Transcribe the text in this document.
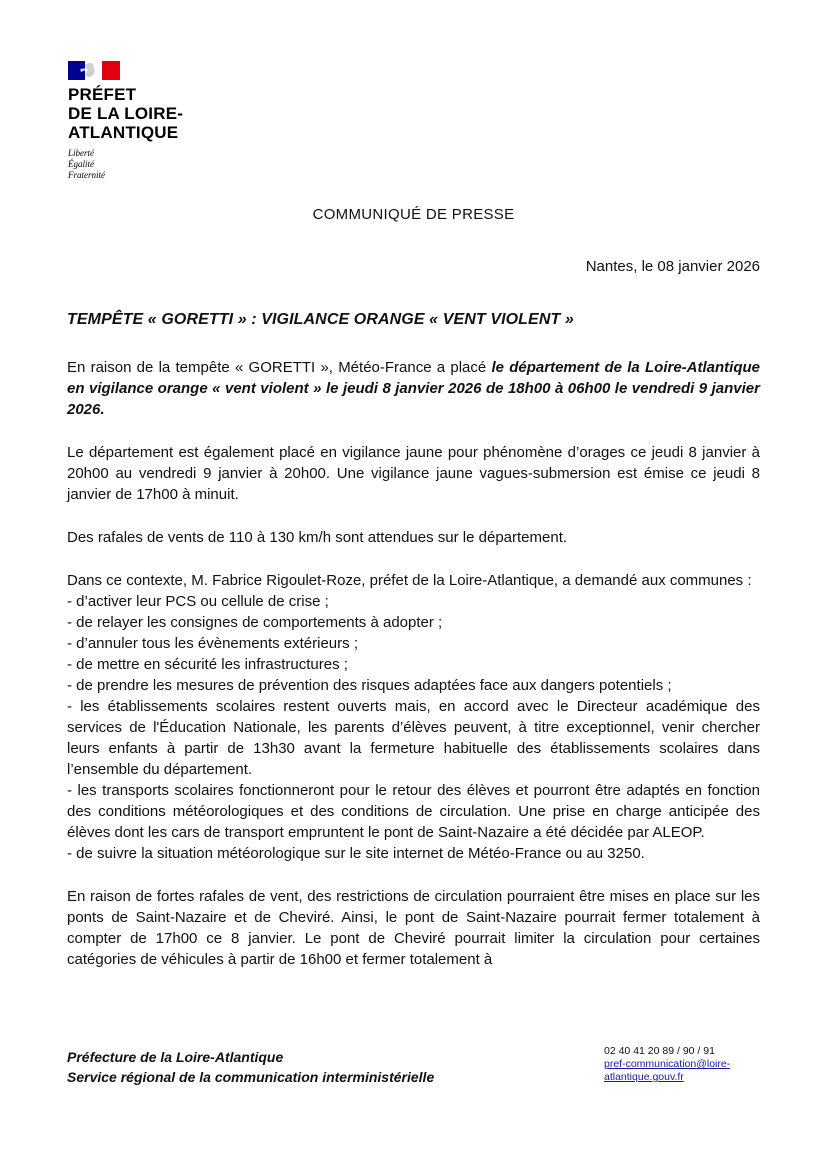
PRÉFET
DE LA LOIRE-
ATLANTIQUE
Liberté
Égalité
Fraternité
COMMUNIQUÉ DE PRESSE
Nantes, le 08 janvier 2026
TEMPÊTE « GORETTI » : VIGILANCE ORANGE « VENT VIOLENT »

En raison de la tempête « GORETTI », Météo-France a placé le département de la Loire-Atlantique en vigilance orange « vent violent » le jeudi 8 janvier 2026 de 18h00 à 06h00 le vendredi 9 janvier 2026.

Le département est également placé en vigilance jaune pour phénomène d’orages ce jeudi 8 janvier à 20h00 au vendredi 9 janvier à 20h00. Une vigilance jaune vagues-submersion est émise ce jeudi 8 janvier de 17h00 à minuit.

Des rafales de vents de 110 à 130 km/h sont attendues sur le département.

Dans ce contexte, M. Fabrice Rigoulet-Roze, préfet de la Loire-Atlantique, a demandé aux communes :

- d’activer leur PCS ou cellule de crise ;

- de relayer les consignes de comportements à adopter ;

- d’annuler tous les évènements extérieurs ;

- de mettre en sécurité les infrastructures ;

- de prendre les mesures de prévention des risques adaptées face aux dangers potentiels ;

- les établissements scolaires restent ouverts mais, en accord avec le Directeur académique des services de l'Éducation Nationale, les parents d’élèves peuvent, à titre exceptionnel, venir chercher leurs enfants à partir de 13h30 avant la fermeture habituelle des établissements scolaires dans l’ensemble du département.

- les transports scolaires fonctionneront pour le retour des élèves et pourront être adaptés en fonction des conditions météorologiques et des conditions de circulation. Une prise en charge anticipée des élèves dont les cars de transport empruntent le pont de Saint-Nazaire a été décidée par ALEOP.

- de suivre la situation météorologique sur le site internet de Météo-France ou au 3250.

En raison de fortes rafales de vent, des restrictions de circulation pourraient être mises en place sur les ponts de Saint-Nazaire et de Cheviré. Ainsi, le pont de Saint-Nazaire pourrait fermer totalement à compter de 17h00 ce 8 janvier. Le pont de Cheviré pourrait limiter la circulation pour certaines catégories de véhicules à partir de 16h00 et fermer totalement à

Préfecture de la Loire-Atlantique
Service régional de la communication interministérielle
02 40 41 20 89 / 90 / 91
pref-communication@loire-
atlantique.gouv.fr
